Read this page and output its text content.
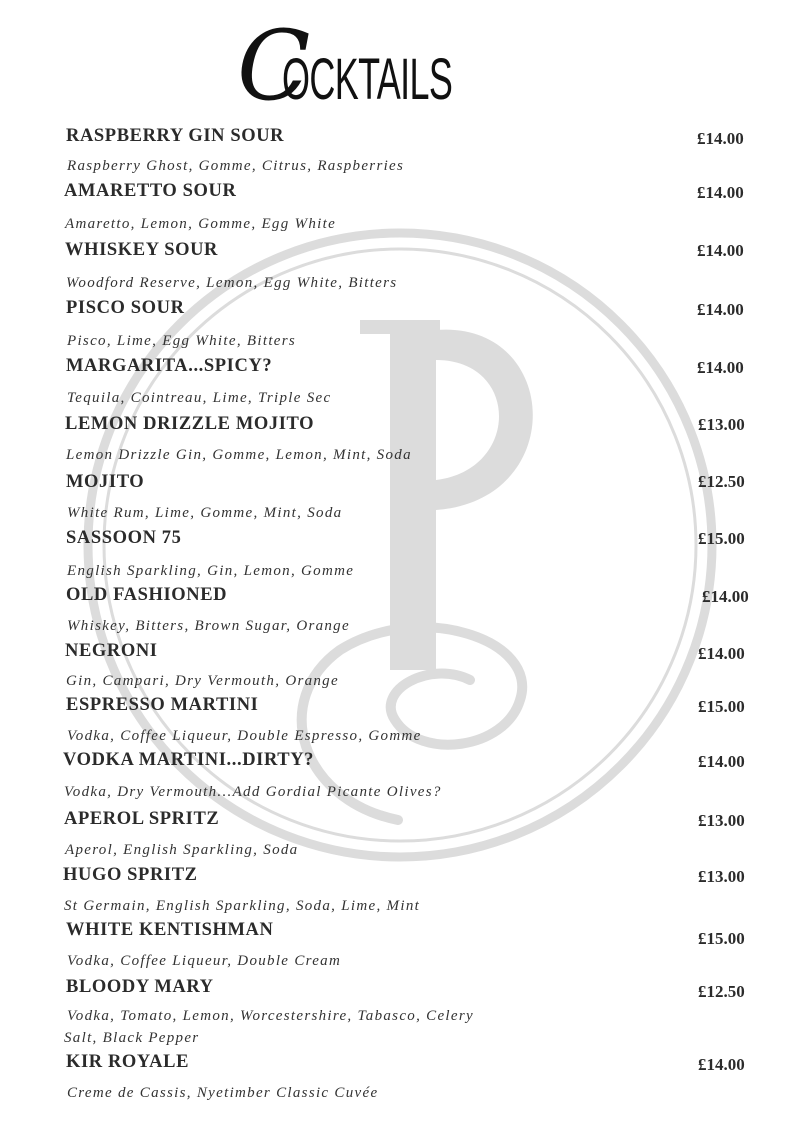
COCKTAILS
RASPBERRY GIN SOUR	£14.00
Raspberry Ghost, Gomme, Citrus, Raspberries
AMARETTO SOUR	£14.00
Amaretto, Lemon, Gomme, Egg White
WHISKEY SOUR	£14.00
Woodford Reserve, Lemon, Egg White, Bitters
PISCO SOUR	£14.00
Pisco, Lime, Egg White, Bitters
MARGARITA...SPICY?	£14.00
Tequila, Cointreau, Lime, Triple Sec
LEMON DRIZZLE MOJITO	£13.00
Lemon Drizzle Gin, Gomme, Lemon, Mint, Soda
MOJITO	£12.50
White Rum, Lime, Gomme, Mint, Soda
SASSOON 75	£15.00
English Sparkling, Gin, Lemon, Gomme
OLD FASHIONED	£14.00
Whiskey, Bitters, Brown Sugar, Orange
NEGRONI	£14.00
Gin, Campari, Dry Vermouth, Orange
ESPRESSO MARTINI	£15.00
Vodka, Coffee Liqueur, Double Espresso, Gomme
VODKA MARTINI...DIRTY?	£14.00
Vodka, Dry Vermouth...Add Gordial Picante Olives?
APEROL SPRITZ	£13.00
Aperol, English Sparkling, Soda
HUGO SPRITZ	£13.00
St Germain, English Sparkling, Soda, Lime, Mint
WHITE KENTISHMAN	£15.00
Vodka, Coffee Liqueur, Double Cream
BLOODY MARY	£12.50
Vodka, Tomato, Lemon, Worcestershire, Tabasco, Celery
Salt, Black Pepper
KIR ROYALE	£14.00
Creme de Cassis, Nyetimber Classic Cuvée
